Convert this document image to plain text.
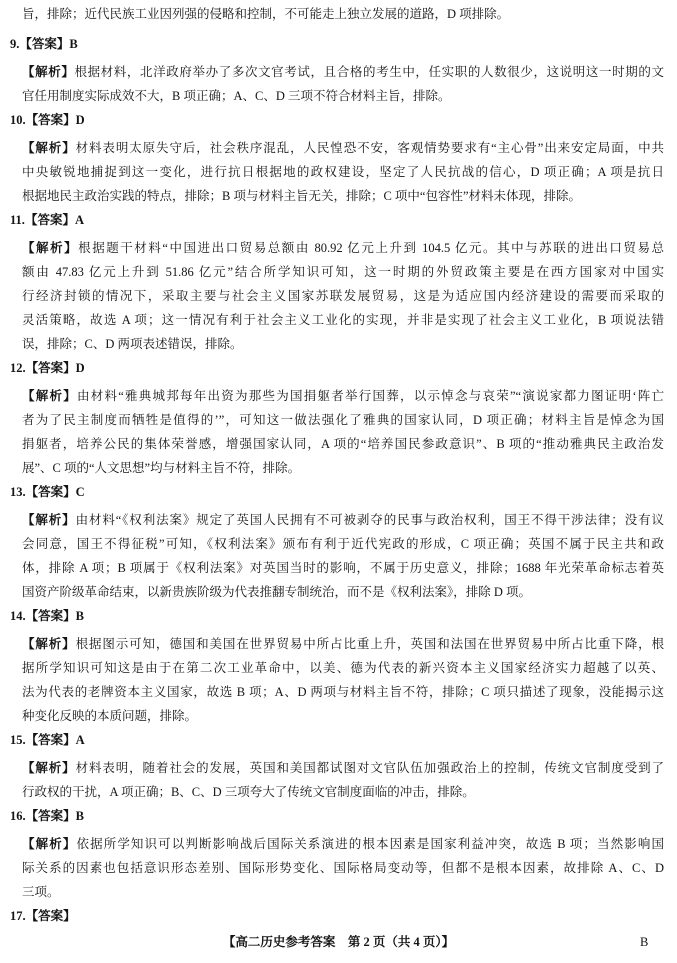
旨，排除；近代民族工业因列强的侵略和控制，不可能走上独立发展的道路，D 项排除。
9.【答案】B
【解析】根据材料，北洋政府举办了多次文官考试，且合格的考生中，任实职的人数很少，这说明这一时期的文
官任用制度实际成效不大，B 项正确；A、C、D 三项不符合材料主旨，排除。
10.【答案】D
【解析】材料表明太原失守后，社会秩序混乱，人民惶恐不安，客观情势要求有“主心骨”出来安定局面，中共
中央敏锐地捕捉到这一变化，进行抗日根据地的政权建设，坚定了人民抗战的信心，D 项正确；A 项是抗日
根据地民主政治实践的特点，排除；B 项与材料主旨无关，排除；C 项中“包容性”材料未体现，排除。
11.【答案】A
【解析】根据题干材料“中国进出口贸易总额由 80.92 亿元上升到 104.5 亿元。其中与苏联的进出口贸易总
额由 47.83 亿元上升到 51.86 亿元”结合所学知识可知，这一时期的外贸政策主要是在西方国家对中国实
行经济封锁的情况下，采取主要与社会主义国家苏联发展贸易，这是为适应国内经济建设的需要而采取的
灵活策略，故选 A 项；这一情况有利于社会主义工业化的实现，并非是实现了社会主义工业化，B 项说法错
误，排除；C、D 两项表述错误，排除。
12.【答案】D
【解析】由材料“雅典城邦每年出资为那些为国捐躯者举行国葬，以示悼念与哀荣”“演说家都力图证明‘阵亡
者为了民主制度而牺牲是值得的’”，可知这一做法强化了雅典的国家认同，D 项正确；材料主旨是悼念为国
捐躯者，培养公民的集体荣誉感，增强国家认同，A 项的“培养国民参政意识”、B 项的“推动雅典民主政治发
展”、C 项的“人文思想”均与材料主旨不符，排除。
13.【答案】C
【解析】由材料“《权利法案》规定了英国人民拥有不可被剥夺的民事与政治权利，国王不得干涉法律；没有议
会同意，国王不得征税”可知，《权利法案》颁布有利于近代宪政的形成，C 项正确；英国不属于民主共和政
体，排除 A 项；B 项属于《权利法案》对英国当时的影响，不属于历史意义，排除；1688 年光荣革命标志着英
国资产阶级革命结束，以新贵族阶级为代表推翻专制统治，而不是《权利法案》，排除 D 项。
14.【答案】B
【解析】根据图示可知，德国和美国在世界贸易中所占比重上升，英国和法国在世界贸易中所占比重下降，根
据所学知识可知这是由于在第二次工业革命中，以美、德为代表的新兴资本主义国家经济实力超越了以英、
法为代表的老牌资本主义国家，故选 B 项；A、D 两项与材料主旨不符，排除；C 项只描述了现象，没能揭示这
种变化反映的本质问题，排除。
15.【答案】A
【解析】材料表明，随着社会的发展，英国和美国都试图对文官队伍加强政治上的控制，传统文官制度受到了
行政权的干扰，A 项正确；B、C、D 三项夸大了传统文官制度面临的冲击，排除。
16.【答案】B
【解析】依据所学知识可以判断影响战后国际关系演进的根本因素是国家利益冲突，故选 B 项；当然影响国
际关系的因素也包括意识形态差别、国际形势变化、国际格局变动等，但都不是根本因素，故排除 A、C、D
三项。
17.【答案】
【高二历史参考答案　第 2 页（共 4 页）】	B
